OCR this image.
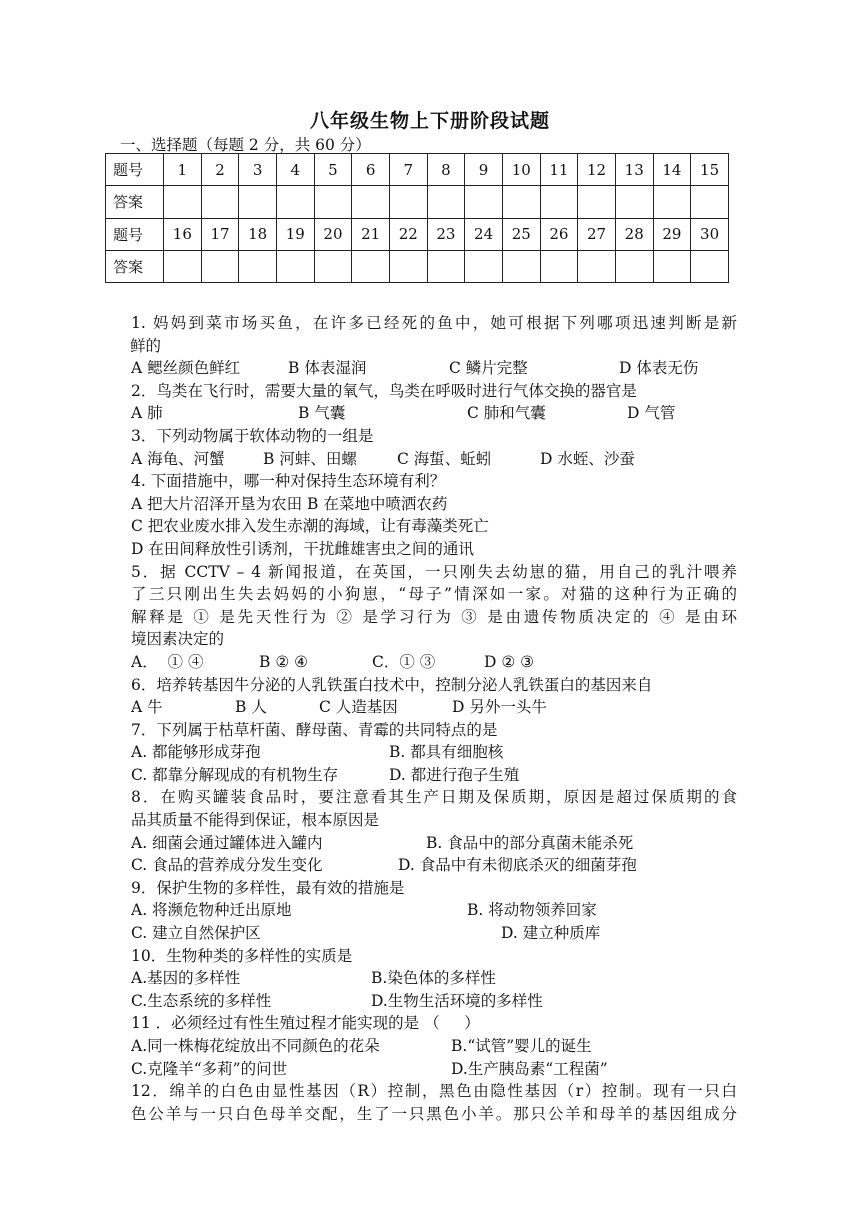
八年级生物上下册阶段试题
一、选择题（每题 2 分，共 60 分）
题号	1	2	3	4	5	6	7	8	9	10	11	12	13	14	15
答案															
题号	16	17	18	19	20	21	22	23	24	25	26	27	28	29	30
答案															
1. 妈妈到菜市场买鱼，在许多已经死的鱼中，她可根据下列哪项迅速判断是新
鲜的
A 鳃丝颜色鲜红	B 体表湿润	C 鳞片完整	D 体表无伤
2．鸟类在飞行时，需要大量的氧气，鸟类在呼吸时进行气体交换的器官是
A 肺	B 气囊	C 肺和气囊	D 气管
3．下列动物属于软体动物的一组是
A 海龟、河蟹	B 河蚌、田螺	C 海蜇、蚯蚓	D 水蛭、沙蚕
4. 下面措施中，哪一种对保持生态环境有利？
A 把大片沼泽开垦为农田 B 在菜地中喷洒农药
C 把农业废水排入发生赤潮的海域，让有毒藻类死亡
D 在田间释放性引诱剂，干扰雌雄害虫之间的通讯
5．据 CCTV – 4 新闻报道，在英国，一只刚失去幼崽的猫，用自己的乳汁喂养
了三只刚出生失去妈妈的小狗崽，“母子”情深如一家。对猫的这种行为正确的
解释是 ① 是先天性行为 ② 是学习行为 ③ 是由遗传物质决定的 ④ 是由环
境因素决定的
A．  ① ④	B ② ④	C．① ③	D ② ③
6．培养转基因牛分泌的人乳铁蛋白技术中，控制分泌人乳铁蛋白的基因来自
A 牛	B 人	C 人造基因	D 另外一头牛
7．下列属于枯草杆菌、酵母菌、青霉的共同特点的是
A. 都能够形成芽孢	B. 都具有细胞核
C. 都靠分解现成的有机物生存	D. 都进行孢子生殖
8．在购买罐装食品时，要注意看其生产日期及保质期，原因是超过保质期的食
品其质量不能得到保证，根本原因是
A. 细菌会通过罐体进入罐内	B. 食品中的部分真菌未能杀死
C. 食品的营养成分发生变化	D. 食品中有未彻底杀灭的细菌芽孢
9．保护生物的多样性，最有效的措施是
A. 将濒危物种迁出原地	B. 将动物领养回家
C. 建立自然保护区	D. 建立种质库
10．生物种类的多样性的实质是
A.基因的多样性	B.染色体的多样性
C.生态系统的多样性	D.生物生活环境的多样性
11 ．必须经过有性生殖过程才能实现的是 （     ）
A.同一株梅花绽放出不同颜色的花朵	B.“试管”婴儿的诞生
C.克隆羊“多莉”的问世	D.生产胰岛素“工程菌”
12．绵羊的白色由显性基因（R）控制，黑色由隐性基因（r）控制。现有一只白
色公羊与一只白色母羊交配，生了一只黑色小羊。那只公羊和母羊的基因组成分
